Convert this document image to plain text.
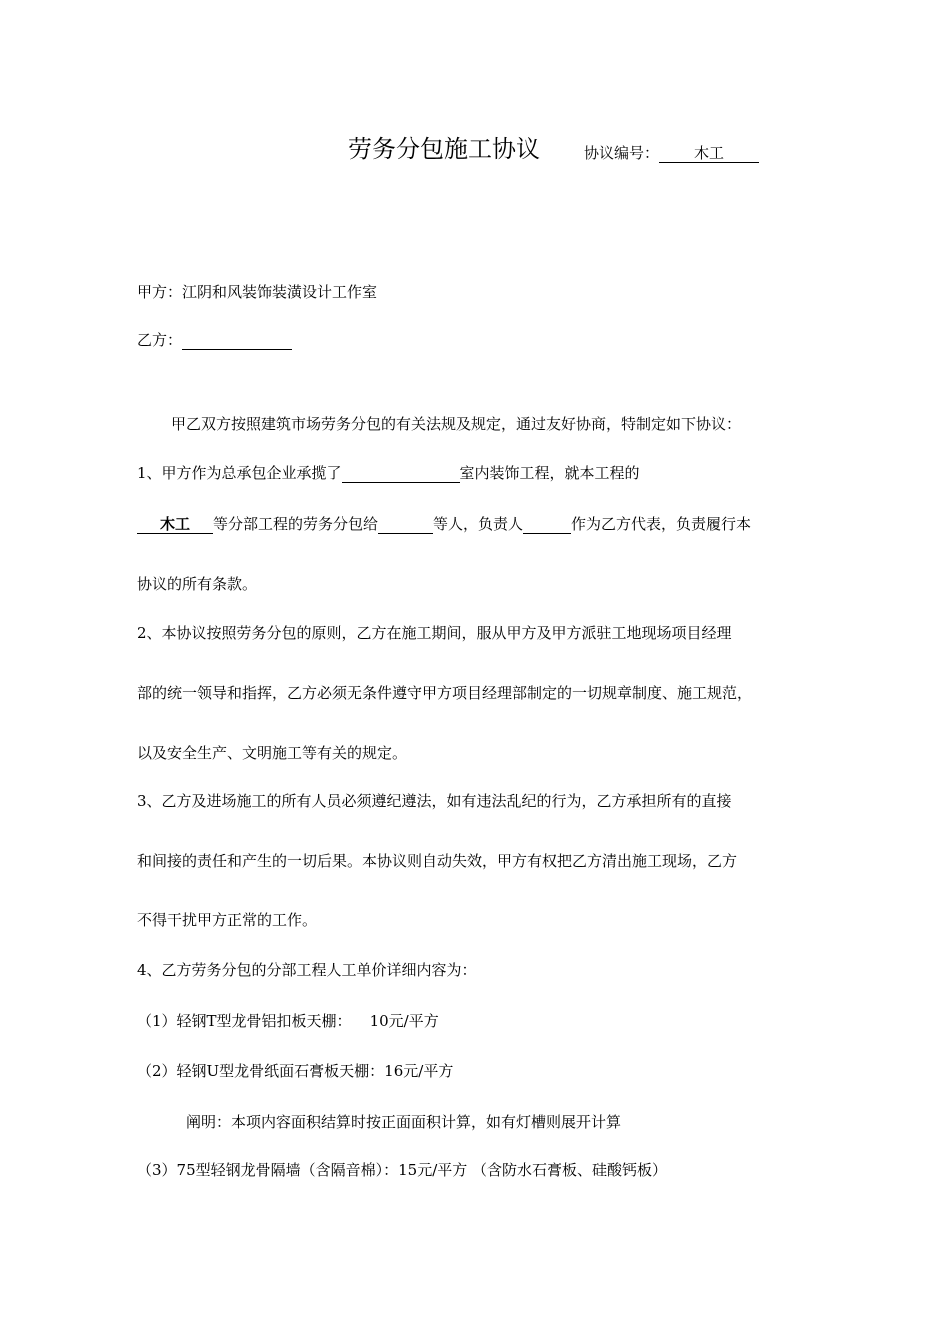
劳务分包施工协议	协议编号： 木工
甲方：江阴和风装饰装潢设计工作室
乙方：
甲乙双方按照建筑市场劳务分包的有关法规及规定，通过友好协商，特制定如下协议：
1、甲方作为总承包企业承揽了	室内装饰工程，就本工程的
木工 等分部工程的劳务分包给	等人，负责人	作为乙方代表，负责履行本
协议的所有条款。
2、本协议按照劳务分包的原则，乙方在施工期间，服从甲方及甲方派驻工地现场项目经理
部的统一领导和指挥，乙方必须无条件遵守甲方项目经理部制定的一切规章制度、施工规范，
以及安全生产、文明施工等有关的规定。
3、乙方及进场施工的所有人员必须遵纪遵法，如有违法乱纪的行为，乙方承担所有的直接
和间接的责任和产生的一切后果。本协议则自动失效，甲方有权把乙方清出施工现场，乙方
不得干扰甲方正常的工作。
4、乙方劳务分包的分部工程人工单价详细内容为：
（1）轻钢T型龙骨铝扣板天棚： 10元/平方
（2）轻钢U型龙骨纸面石膏板天棚：16元/平方
阐明：本项内容面积结算时按正面面积计算，如有灯槽则展开计算
（3）75型轻钢龙骨隔墙（含隔音棉）：15元/平方 （含防水石膏板、硅酸钙板）
